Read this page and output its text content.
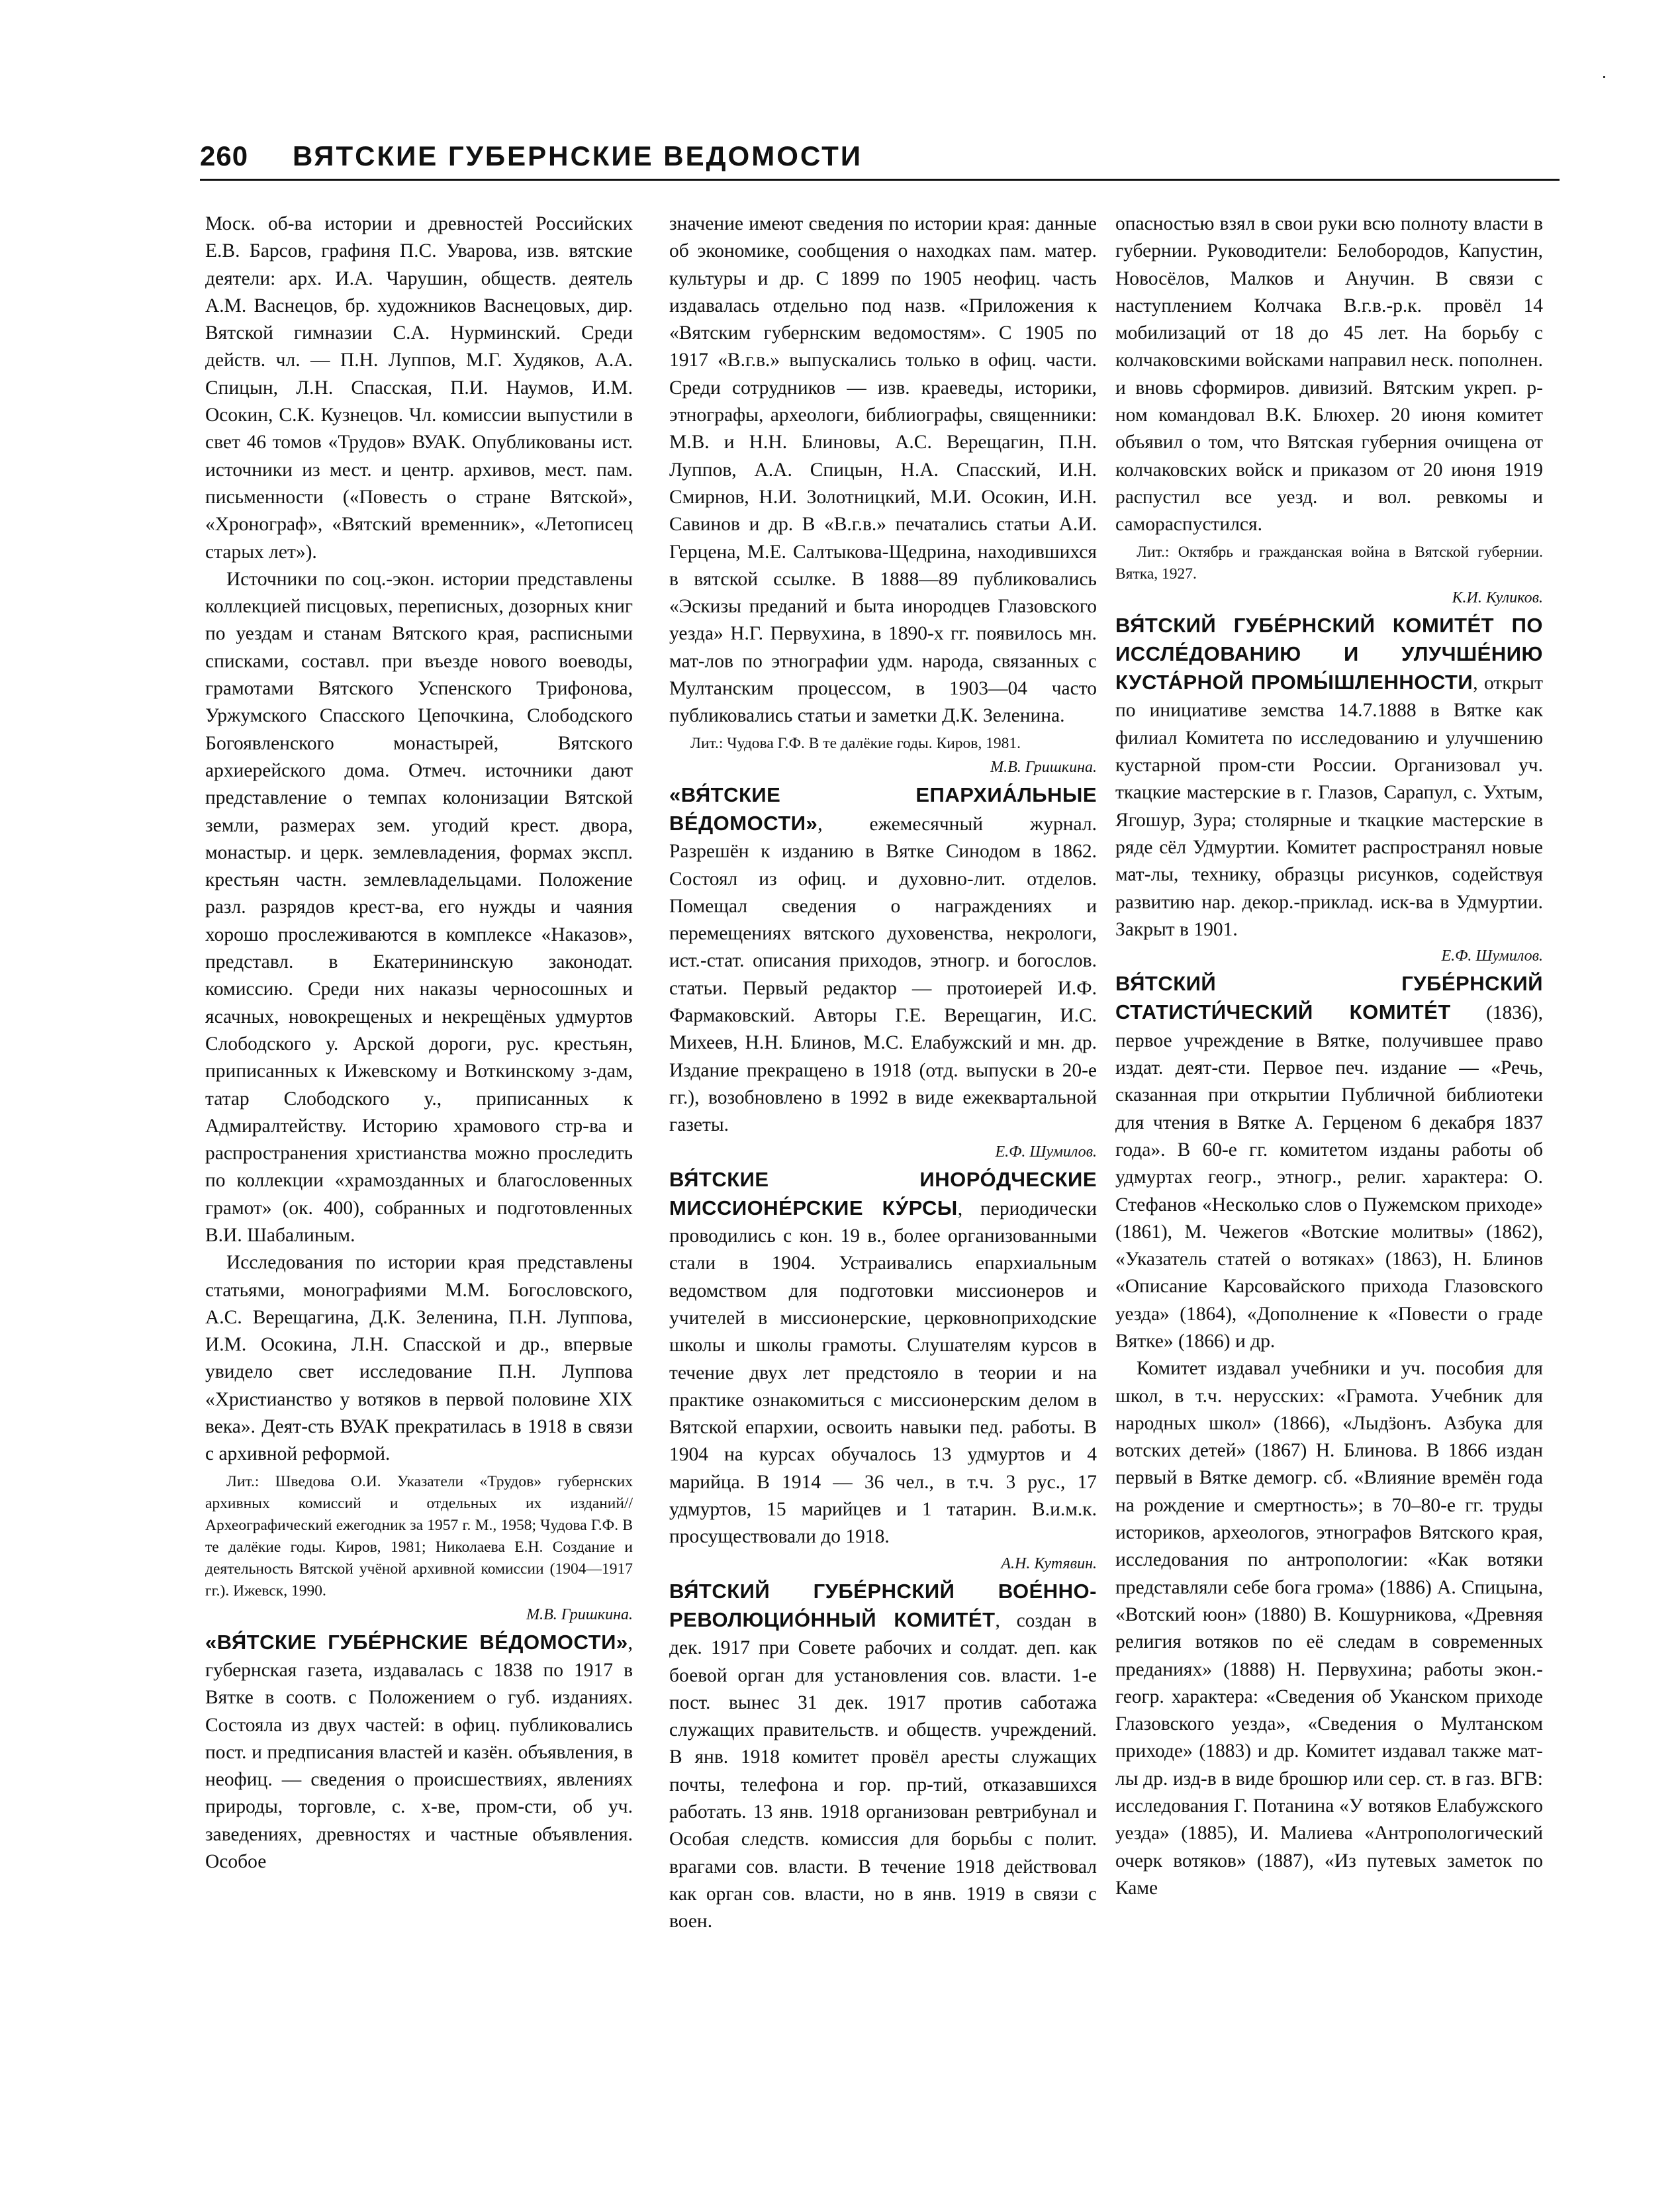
260 ВЯТСКИЕ ГУБЕРНСКИЕ ВЕДОМОСТИ

Моск. об-ва истории и древностей Российских Е.В. Барсов, графиня П.С. Уварова, изв. вятские деятели: арх. И.А. Чарушин, обществ. деятель А.М. Васнецов, бр. художников Васнецовых, дир. Вятской гимназии С.А. Нурминский. Среди действ. чл. — П.Н. Луппов, М.Г. Худяков, А.А. Спицын, Л.Н. Спасская, П.И. Наумов, И.М. Осокин, С.К. Кузнецов. Чл. комиссии выпустили в свет 46 томов «Трудов» ВУАК. Опубликованы ист. источники из мест. и центр. архивов, мест. пам. письменности («Повесть о стране Вятской», «Хронограф», «Вятский временник», «Летописец старых лет»).

Источники по соц.-экон. истории представлены коллекцией писцовых, переписных, дозорных книг по уездам и станам Вятского края, расписными списками, составл. при въезде нового воеводы, грамотами Вятского Успенского Трифонова, Уржумского Спасского Цепочкина, Слободского Богоявленского монастырей, Вятского архиерейского дома. Отмеч. источники дают представление о темпах колонизации Вятской земли, размерах зем. угодий крест. двора, монастыр. и церк. землевладения, формах экспл. крестьян частн. землевладельцами. Положение разл. разрядов крест-ва, его нужды и чаяния хорошо прослеживаются в комплексе «Наказов», представл. в Екатерининскую законодат. комиссию. Среди них наказы черносошных и ясачных, новокрещеных и некрещёных удмуртов Слободского у. Арской дороги, рус. крестьян, приписанных к Ижевскому и Воткинскому з-дам, татар Слободского у., приписанных к Адмиралтейству. Историю храмового стр-ва и распространения христианства можно проследить по коллекции «храмозданных и благословенных грамот» (ок. 400), собранных и подготовленных В.И. Шабалиным.

Исследования по истории края представлены статьями, монографиями М.М. Богословского, А.С. Верещагина, Д.К. Зеленина, П.Н. Луппова, И.М. Осокина, Л.Н. Спасской и др., впервые увидело свет исследование П.Н. Луппова «Христианство у вотяков в первой половине XIX века». Деят-сть ВУАК прекратилась в 1918 в связи с архивной реформой.

Лит.: Шведова О.И. Указатели «Трудов» губернских архивных комиссий и отдельных их изданий// Археографический ежегодник за 1957 г. М., 1958; Чудова Г.Ф. В те далёкие годы. Киров, 1981; Николаева Е.Н. Создание и деятельность Вятской учёной архивной комиссии (1904—1917 гг.). Ижевск, 1990.

М.В. Гришкина.

«ВЯ́ТСКИЕ ГУБЕ́РНСКИЕ ВЕ́ДОМОСТИ», губернская газета, издавалась с 1838 по 1917 в Вятке в соотв. с Положением о губ. изданиях. Состояла из двух частей: в офиц. публиковались пост. и предписания властей и казён. объявления, в неофиц. — сведения о происшествиях, явлениях природы, торговле, с. х-ве, пром-сти, об уч. заведениях, древностях и частные объявления. Особое

значение имеют сведения по истории края: данные об экономике, сообщения о находках пам. матер. культуры и др. С 1899 по 1905 неофиц. часть издавалась отдельно под назв. «Приложения к «Вятским губернским ведомостям». С 1905 по 1917 «В.г.в.» выпускались только в офиц. части. Среди сотрудников — изв. краеведы, историки, этнографы, археологи, библиографы, священники: М.В. и Н.Н. Блиновы, А.С. Верещагин, П.Н. Луппов, А.А. Спицын, Н.А. Спасский, И.Н. Смирнов, Н.И. Золотницкий, М.И. Осокин, И.Н. Савинов и др. В «В.г.в.» печатались статьи А.И. Герцена, М.Е. Салтыкова-Щедрина, находившихся в вятской ссылке. В 1888—89 публиковались «Эскизы преданий и быта инородцев Глазовского уезда» Н.Г. Первухина, в 1890-х гг. появилось мн. мат-лов по этнографии удм. народа, связанных с Мултанским процессом, в 1903—04 часто публиковались статьи и заметки Д.К. Зеленина.

Лит.: Чудова Г.Ф. В те далёкие годы. Киров, 1981.

М.В. Гришкина.

«ВЯ́ТСКИЕ ЕПАРХИА́ЛЬНЫЕ ВЕ́ДОМОСТИ», ежемесячный журнал. Разрешён к изданию в Вятке Синодом в 1862. Состоял из офиц. и духовно-лит. отделов. Помещал сведения о награждениях и перемещениях вятского духовенства, некрологи, ист.-стат. описания приходов, этногр. и богослов. статьи. Первый редактор — протоиерей И.Ф. Фармаковский. Авторы Г.Е. Верещагин, И.С. Михеев, Н.Н. Блинов, М.С. Елабужский и мн. др. Издание прекращено в 1918 (отд. выпуски в 20-е гг.), возобновлено в 1992 в виде ежеквартальной газеты.

Е.Ф. Шумилов.

ВЯ́ТСКИЕ ИНОРО́ДЧЕСКИЕ МИССИОНЕ́РСКИЕ КУ́РСЫ, периодически проводились с кон. 19 в., более организованными стали в 1904. Устраивались епархиальным ведомством для подготовки миссионеров и учителей в миссионерские, церковноприходские школы и школы грамоты. Слушателям курсов в течение двух лет предстояло в теории и на практике ознакомиться с миссионерским делом в Вятской епархии, освоить навыки пед. работы. В 1904 на курсах обучалось 13 удмуртов и 4 марийца. В 1914 — 36 чел., в т.ч. 3 рус., 17 удмуртов, 15 марийцев и 1 татарин. В.и.м.к. просуществовали до 1918.

А.Н. Кутявин.

ВЯ́ТСКИЙ ГУБЕ́РНСКИЙ ВОЕ́ННО-РЕВОЛЮЦИО́ННЫЙ КОМИТЕ́Т, создан в дек. 1917 при Совете рабочих и солдат. деп. как боевой орган для установления сов. власти. 1-е пост. вынес 31 дек. 1917 против саботажа служащих правительств. и обществ. учреждений. В янв. 1918 комитет провёл аресты служащих почты, телефона и гор. пр-тий, отказавшихся работать. 13 янв. 1918 организован ревтрибунал и Особая следств. комиссия для борьбы с полит. врагами сов. власти. В течение 1918 действовал как орган сов. власти, но в янв. 1919 в связи с воен.

опасностью взял в свои руки всю полноту власти в губернии. Руководители: Белобородов, Капустин, Новосёлов, Малков и Анучин. В связи с наступлением Колчака В.г.в.-р.к. провёл 14 мобилизаций от 18 до 45 лет. На борьбу с колчаковскими войсками направил неск. пополнен. и вновь сформиров. дивизий. Вятским укреп. р-ном командовал В.К. Блюхер. 20 июня комитет объявил о том, что Вятская губерния очищена от колчаковских войск и приказом от 20 июня 1919 распустил все уезд. и вол. ревкомы и самораспустился.

Лит.: Октябрь и гражданская война в Вятской губернии. Вятка, 1927.

К.И. Куликов.

ВЯ́ТСКИЙ ГУБЕ́РНСКИЙ КОМИТЕ́Т ПО ИССЛЕ́ДОВАНИЮ И УЛУЧШЕ́НИЮ КУСТА́РНОЙ ПРОМЫ́ШЛЕННОСТИ, открыт по инициативе земства 14.7.1888 в Вятке как филиал Комитета по исследованию и улучшению кустарной пром-сти России. Организовал уч. ткацкие мастерские в г. Глазов, Сарапул, с. Ухтым, Ягошур, Зура; столярные и ткацкие мастерские в ряде сёл Удмуртии. Комитет распространял новые мат-лы, технику, образцы рисунков, содействуя развитию нар. декор.-приклад. иск-ва в Удмуртии. Закрыт в 1901.

Е.Ф. Шумилов.

ВЯ́ТСКИЙ ГУБЕ́РНСКИЙ СТАТИСТИ́ЧЕСКИЙ КОМИТЕ́Т (1836), первое учреждение в Вятке, получившее право издат. деят-сти. Первое печ. издание — «Речь, сказанная при открытии Публичной библиотеки для чтения в Вятке А. Герценом 6 декабря 1837 года». В 60-е гг. комитетом изданы работы об удмуртах геогр., этногр., религ. характера: О. Стефанов «Несколько слов о Пужемском приходе» (1861), М. Чежегов «Вотские молитвы» (1862), «Указатель статей о вотяках» (1863), Н. Блинов «Описание Карсовайского прихода Глазовского уезда» (1864), «Дополнение к «Повести о граде Вятке» (1866) и др.

Комитет издавал учебники и уч. пособия для школ, в т.ч. нерусских: «Грамота. Учебник для народных школ» (1866), «Лыдӟонъ. Азбука для вотских детей» (1867) Н. Блинова. В 1866 издан первый в Вятке демогр. сб. «Влияние времён года на рождение и смертность»; в 70–80-е гг. труды историков, археологов, этнографов Вятского края, исследования по антропологии: «Как вотяки представляли себе бога грома» (1886) А. Спицына, «Вотский юон» (1880) В. Кошурникова, «Древняя религия вотяков по её следам в современных преданиях» (1888) Н. Первухина; работы экон.-геогр. характера: «Сведения об Уканском приходе Глазовского уезда», «Сведения о Мултанском приходе» (1883) и др. Комитет издавал также мат-лы др. изд-в в виде брошюр или сер. ст. в газ. ВГВ: исследования Г. Потанина «У вотяков Елабужского уезда» (1885), И. Малиева «Антропологический очерк вотяков» (1887), «Из путевых заметок по Каме
